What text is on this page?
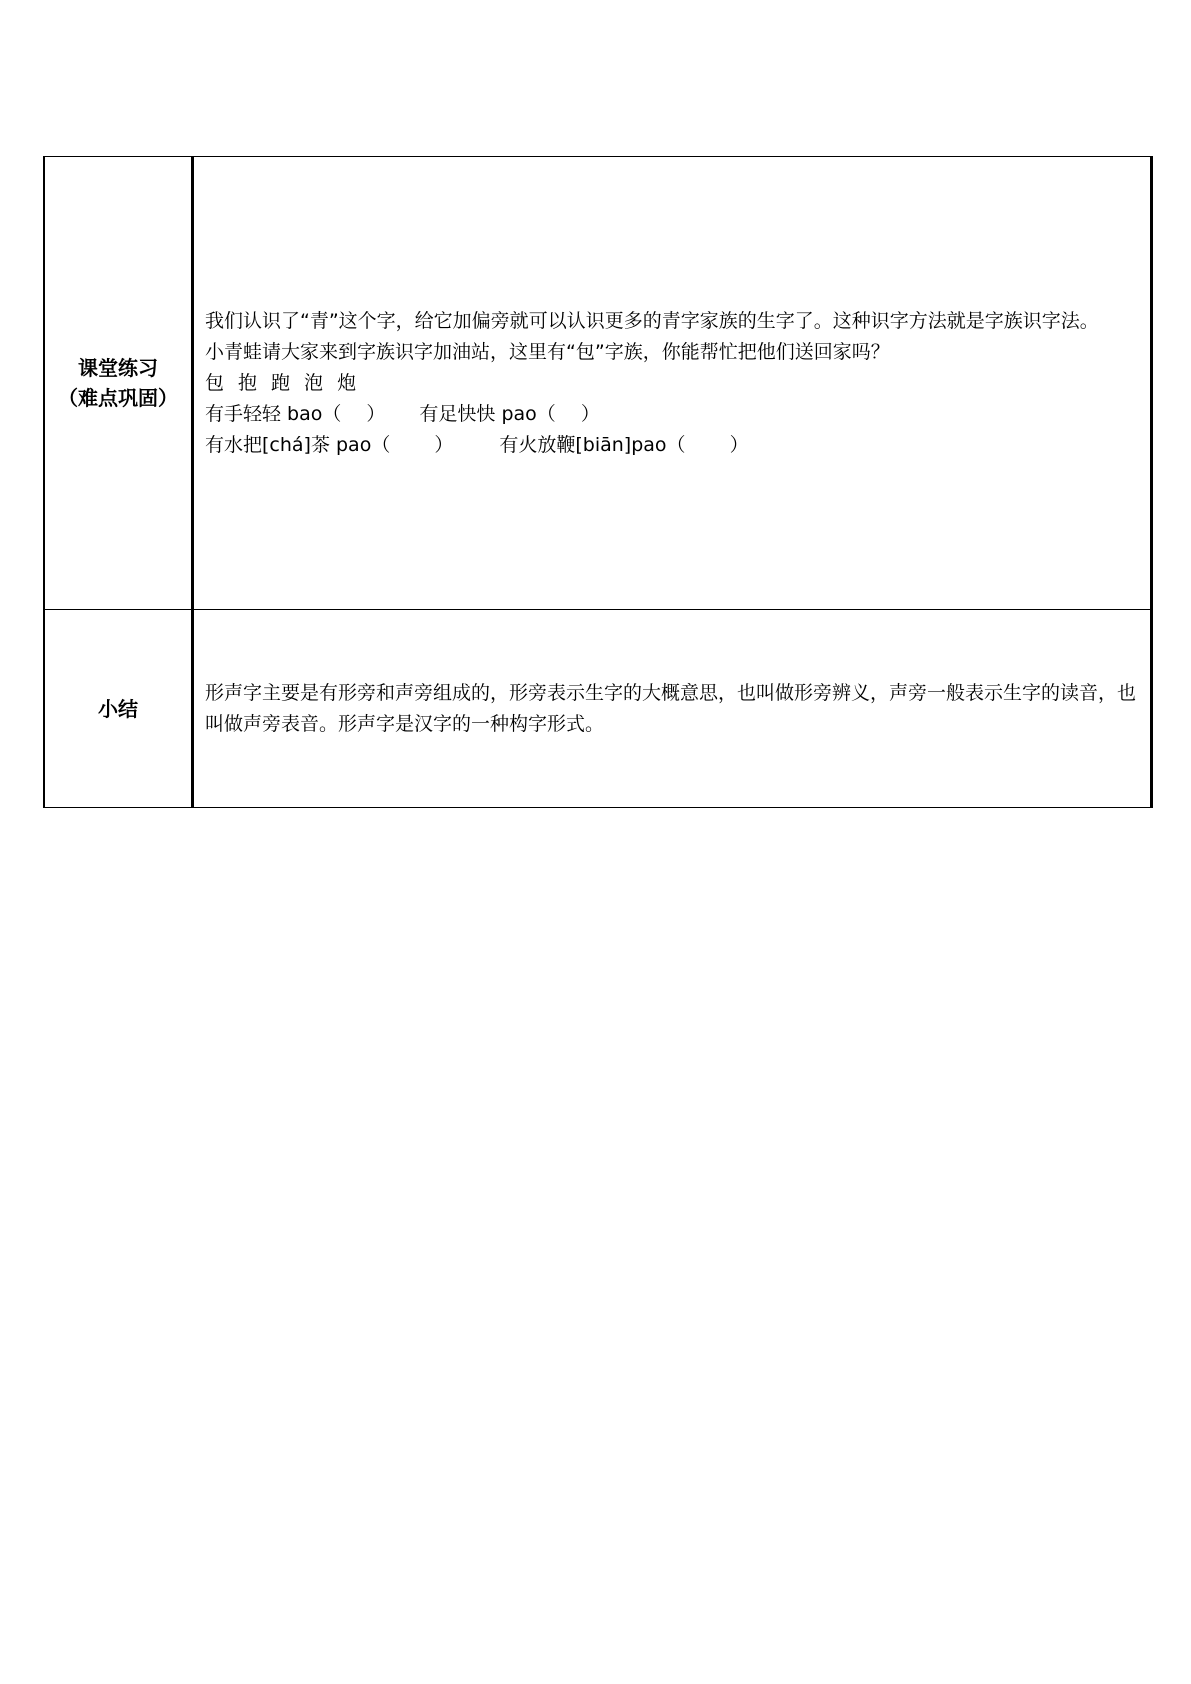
课堂练习
（难点巩固）	我们认识了“青”这个字，给它加偏旁就可以认识更多的青字家族的生字了。这种识字方法就是字族识字法。
小青蛙请大家来到字族识字加油站，这里有“包”字族，你能帮忙把他们送回家吗？
包 抱 跑 泡 炮
有手轻轻 bao（　 ） 有足快快 pao（　 ）
有水把[chá]茶 pao（　 　） 有火放鞭[biān]pao（　 　）

小结	形声字主要是有形旁和声旁组成的，形旁表示生字的大概意思，也叫做形旁辨义，声旁一般表示生字的读音，也叫做声旁表音。形声字是汉字的一种构字形式。
